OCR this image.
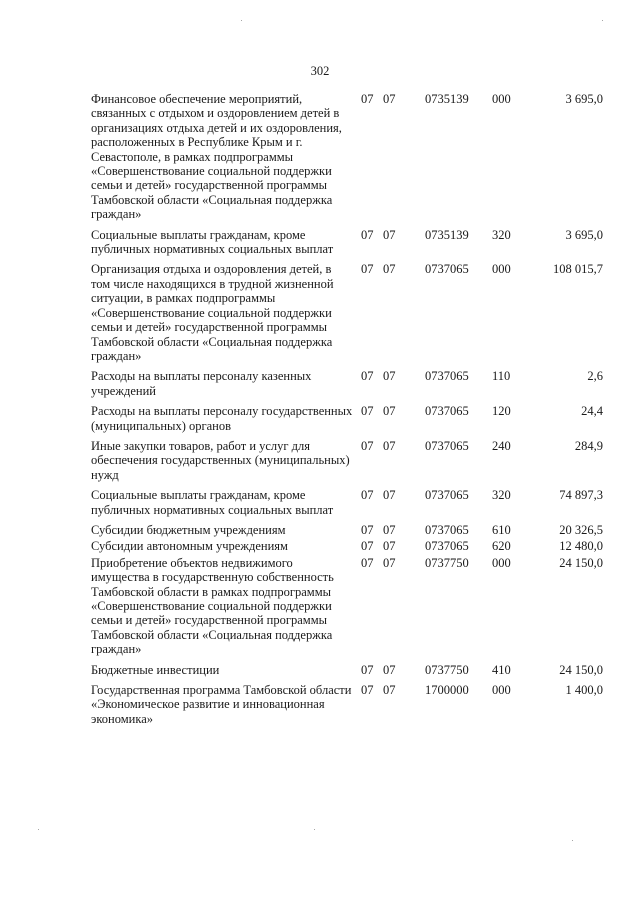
302
Финансовое обеспечение мероприятий, связанных с отдыхом и оздоровлением детей в организациях отдыха детей и их оздоровления, расположенных в Республике Крым и г. Севастополе, в рамках подпрограммы «Совершенствование социальной поддержки семьи и детей» государственной программы Тамбовской области «Социальная поддержка граждан»	07	07	0735139	000	3 695,0
Социальные выплаты гражданам, кроме публичных нормативных социальных выплат	07	07	0735139	320	3 695,0
Организация отдыха и оздоровления детей, в том числе находящихся в трудной жизненной ситуации, в рамках подпрограммы «Совершенствование социальной поддержки семьи и детей» государственной программы Тамбовской области «Социальная поддержка граждан»	07	07	0737065	000	108 015,7
Расходы на выплаты персоналу казенных учреждений	07	07	0737065	110	2,6
Расходы на выплаты персоналу государственных (муниципальных) органов	07	07	0737065	120	24,4
Иные закупки товаров, работ и услуг для обеспечения государственных (муниципальных) нужд	07	07	0737065	240	284,9
Социальные выплаты гражданам, кроме публичных нормативных социальных выплат	07	07	0737065	320	74 897,3
Субсидии бюджетным учреждениям	07	07	0737065	610	20 326,5
Субсидии автономным учреждениям	07	07	0737065	620	12 480,0
Приобретение объектов недвижимого имущества в государственную собственность Тамбовской области в рамках подпрограммы «Совершенствование социальной поддержки семьи и детей» государственной программы Тамбовской области «Социальная поддержка граждан»	07	07	0737750	000	24 150,0
Бюджетные инвестиции	07	07	0737750	410	24 150,0
Государственная программа Тамбовской области «Экономическое развитие и инновационная экономика»	07	07	1700000	000	1 400,0
